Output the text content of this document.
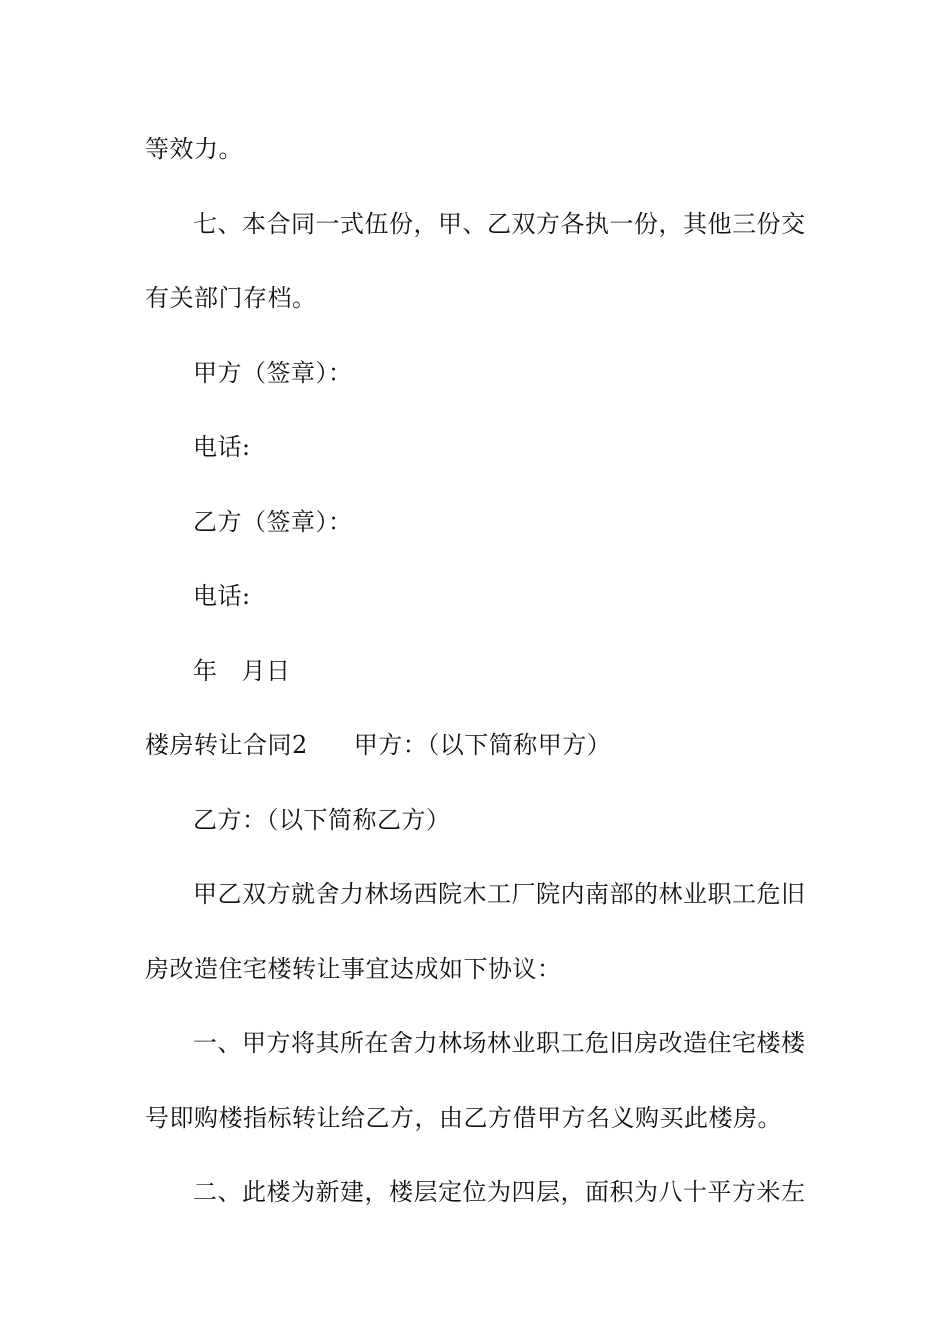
等效力。
七、本合同一式伍份，甲、乙双方各执一份，其他三份交
有关部门存档。
甲方（签章）：
电话:
乙方（签章）：
电话:
年 月日
楼房转让合同2 甲方：（以下简称甲方）
乙方：（以下简称乙方）
甲乙双方就舍力林场西院木工厂院内南部的林业职工危旧
房改造住宅楼转让事宜达成如下协议：
一、甲方将其所在舍力林场林业职工危旧房改造住宅楼楼
号即购楼指标转让给乙方，由乙方借甲方名义购买此楼房。
二、此楼为新建，楼层定位为四层，面积为八十平方米左
